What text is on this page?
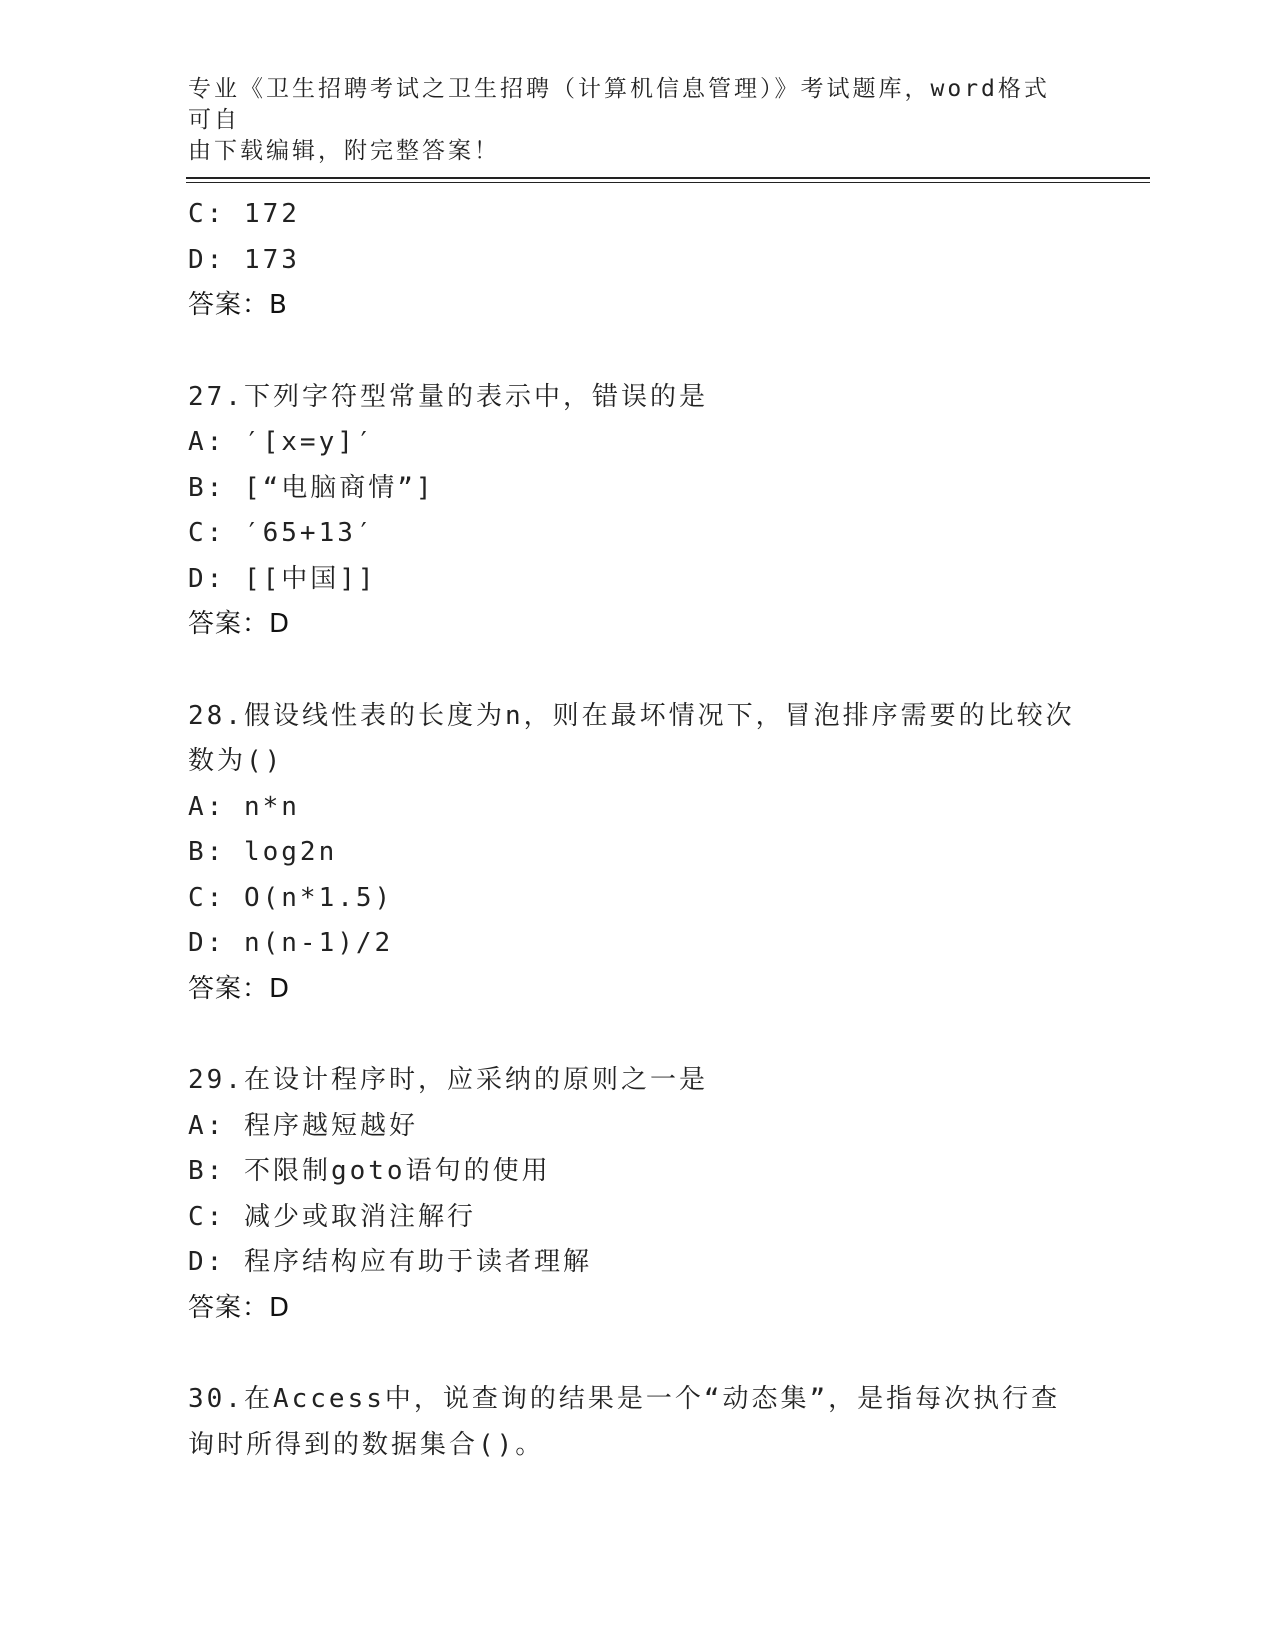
专业《卫生招聘考试之卫生招聘（计算机信息管理）》考试题库，word格式可自
由下载编辑，附完整答案！
C: 172
D: 173
答案：B
27.下列字符型常量的表示中，错误的是
A: ′[x=y]′
B: [“电脑商情”]
C: ′65+13′
D: [[中国]]
答案：D
28.假设线性表的长度为n，则在最坏情况下，冒泡排序需要的比较次
数为()
A: n*n
B: log2n
C: O(n*1.5)
D: n(n-1)/2
答案：D
29.在设计程序时，应采纳的原则之一是
A: 程序越短越好
B: 不限制goto语句的使用
C: 减少或取消注解行
D: 程序结构应有助于读者理解
答案：D
30.在Access中，说查询的结果是一个“动态集”，是指每次执行查
询时所得到的数据集合()。
